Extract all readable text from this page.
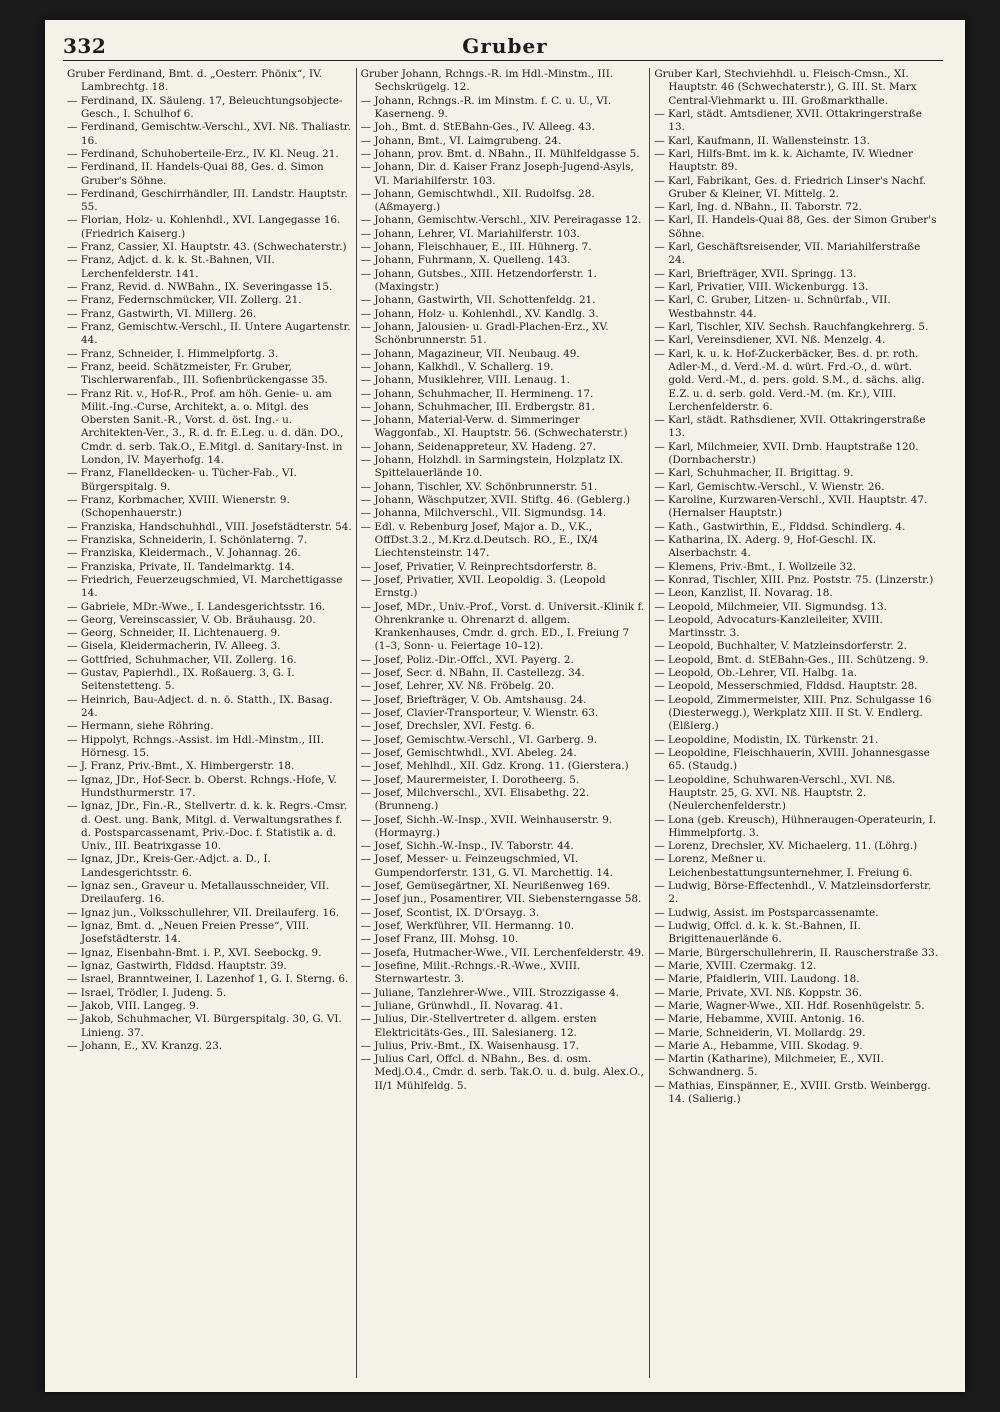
332	Gruber

Gruber Ferdinand, Bmt. d. „Oesterr. Phönix“, IV. Lambrechtg. 18.

— Ferdinand, IX. Säuleng. 17, Beleuchtungsobjecte-Gesch., I. Schulhof 6.

— Ferdinand, Gemischtw.-Verschl., XVI. Nß. Thaliastr. 16.

— Ferdinand, Schuhoberteile-Erz., IV. Kl. Neug. 21.

— Ferdinand, II. Handels-Quai 88, Ges. d. Simon Gruber's Söhne.

— Ferdinand, Geschirrhändler, III. Landstr. Hauptstr. 55.

— Florian, Holz- u. Kohlenhdl., XVI. Langegasse 16. (Friedrich Kaiserg.)

— Franz, Cassier, XI. Hauptstr. 43. (Schwechaterstr.)

— Franz, Adjct. d. k. k. St.-Bahnen, VII. Lerchenfelderstr. 141.

— Franz, Revid. d. NWBahn., IX. Severingasse 15.

— Franz, Federnschmücker, VII. Zollerg. 21.

— Franz, Gastwirth, VI. Millerg. 26.

— Franz, Gemischtw.-Verschl., II. Untere Augartenstr. 44.

— Franz, Schneider, I. Himmelpfortg. 3.

— Franz, beeid. Schätzmeister, Fr. Gruber, Tischlerwarenfab., III. Sofienbrückengasse 35.

— Franz Rit. v., Hof-R., Prof. am höh. Genie- u. am Milit.-Ing.-Curse, Architekt, a. o. Mitgl. des Obersten Sanit.-R., Vorst. d. öst. Ing.- u. Architekten-Ver., 3., R. d. fr. E.Leg. u. d. dän. DO., Cmdr. d. serb. Tak.O., E.Mitgl. d. Sanitary-Inst. in London, IV. Mayerhofg. 14.

— Franz, Flanelldecken- u. Tücher-Fab., VI. Bürgerspitalg. 9.

— Franz, Korbmacher, XVIII. Wienerstr. 9. (Schopenhauerstr.)

— Franziska, Handschuhhdl., VIII. Josefstädterstr. 54.

— Franziska, Schneiderin, I. Schönlaterng. 7.

— Franziska, Kleidermach., V. Johannag. 26.

— Franziska, Private, II. Tandelmarktg. 14.

— Friedrich, Feuerzeugschmied, VI. Marchettigasse 14.

— Gabriele, MDr.-Wwe., I. Landesgerichtsstr. 16.

— Georg, Vereinscassier, V. Ob. Bräuhausg. 20.

— Georg, Schneider, II. Lichtenauerg. 9.

— Gisela, Kleidermacherin, IV. Alleeg. 3.

— Gottfried, Schuhmacher, VII. Zollerg. 16.

— Gustav, Papierhdl., IX. Roßauerg. 3, G. I. Seitenstetteng. 5.

— Heinrich, Bau-Adject. d. n. ö. Statth., IX. Basag. 24.

— Hermann, siehe Röhring.

— Hippolyt, Rchngs.-Assist. im Hdl.-Minstm., III. Hörnesg. 15.

— J. Franz, Priv.-Bmt., X. Himbergerstr. 18.

— Ignaz, JDr., Hof-Secr. b. Oberst. Rchngs.-Hofe, V. Hundsthurmerstr. 17.

— Ignaz, JDr., Fin.-R., Stellvertr. d. k. k. Regrs.-Cmsr. d. Oest. ung. Bank, Mitgl. d. Verwaltungsrathes f. d. Postsparcassenamt, Priv.-Doc. f. Statistik a. d. Univ., III. Beatrixgasse 10.

— Ignaz, JDr., Kreis-Ger.-Adjct. a. D., I. Landesgerichtsstr. 6.

— Ignaz sen., Graveur u. Metallausschneider, VII. Dreilauferg. 16.

— Ignaz jun., Volksschullehrer, VII. Dreilauferg. 16.

— Ignaz, Bmt. d. „Neuen Freien Presse“, VIII. Josefstädterstr. 14.

— Ignaz, Eisenbahn-Bmt. i. P., XVI. Seebockg. 9.

— Ignaz, Gastwirth, Flddsd. Hauptstr. 39.

— Israel, Branntweiner, I. Lazenhof 1, G. I. Sterng. 6.

— Israel, Trödler, I. Judeng. 5.

— Jakob, VIII. Langeg. 9.

— Jakob, Schuhmacher, VI. Bürgerspitalg. 30, G. VI. Linieng. 37.

— Johann, E., XV. Kranzg. 23.

Gruber Johann, Rchngs.-R. im Hdl.-Minstm., III. Sechskrügelg. 12.

— Johann, Rchngs.-R. im Minstm. f. C. u. U., VI. Kaserneng. 9.

— Joh., Bmt. d. StEBahn-Ges., IV. Alleeg. 43.

— Johann, Bmt., VI. Laimgrubeng. 24.

— Johann, prov. Bmt. d. NBahn., II. Mühlfeldgasse 5.

— Johann, Dir. d. Kaiser Franz Joseph-Jugend-Asyls, VI. Mariahilferstr. 103.

— Johann, Gemischtwhdl., XII. Rudolfsg. 28. (Aßmayerg.)

— Johann, Gemischtw.-Verschl., XIV. Pereiragasse 12.

— Johann, Lehrer, VI. Mariahilferstr. 103.

— Johann, Fleischhauer, E., III. Hühnerg. 7.

— Johann, Fuhrmann, X. Quelleng. 143.

— Johann, Gutsbes., XIII. Hetzendorferstr. 1. (Maxingstr.)

— Johann, Gastwirth, VII. Schottenfeldg. 21.

— Johann, Holz- u. Kohlenhdl., XV. Kandlg. 3.

— Johann, Jalousien- u. Gradl-Plachen-Erz., XV. Schönbrunnerstr. 51.

— Johann, Magazineur, VII. Neubaug. 49.

— Johann, Kalkhdl., V. Schallerg. 19.

— Johann, Musiklehrer, VIII. Lenaug. 1.

— Johann, Schuhmacher, II. Hermineng. 17.

— Johann, Schuhmacher, III. Erdbergstr. 81.

— Johann, Material-Verw. d. Simmeringer Waggonfab., XI. Hauptstr. 56. (Schwechaterstr.)

— Johann, Seidenappreteur, XV. Hadeng. 27.

— Johann, Holzhdl. in Sarmingstein, Holzplatz IX. Spittelauerlände 10.

— Johann, Tischler, XV. Schönbrunnerstr. 51.

— Johann, Wäschputzer, XVII. Stiftg. 46. (Geblerg.)

— Johanna, Milchverschl., VII. Sigmundsg. 14.

— Edl. v. Rebenburg Josef, Major a. D., V.K., OffDst.3.2., M.Krz.d.Deutsch. RO., E., IX/4 Liechtensteinstr. 147.

— Josef, Privatier, V. Reinprechtsdorferstr. 8.

— Josef, Privatier, XVII. Leopoldig. 3. (Leopold Ernstg.)

— Josef, MDr., Univ.-Prof., Vorst. d. Universit.-Klinik f. Ohrenkranke u. Ohrenarzt d. allgem. Krankenhauses, Cmdr. d. grch. ED., I. Freiung 7 (1–3, Sonn- u. Feiertage 10–12).

— Josef, Poliz.-Dir.-Offcl., XVI. Payerg. 2.

— Josef, Secr. d. NBahn, II. Castellezg. 34.

— Josef, Lehrer, XV. Nß. Fröbelg. 20.

— Josef, Briefträger, V. Ob. Amtshausg. 24.

— Josef, Clavier-Transporteur, V. Wienstr. 63.

— Josef, Drechsler, XVI. Festg. 6.

— Josef, Gemischtw.-Verschl., VI. Garberg. 9.

— Josef, Gemischtwhdl., XVI. Abeleg. 24.

— Josef, Mehlhdl., XII. Gdz. Krong. 11. (Gierstera.)

— Josef, Maurermeister, I. Dorotheerg. 5.

— Josef, Milchverschl., XVI. Elisabethg. 22. (Brunneng.)

— Josef, Sichh.-W.-Insp., XVII. Weinhauserstr. 9. (Hormayrg.)

— Josef, Sichh.-W.-Insp., IV. Taborstr. 44.

— Josef, Messer- u. Feinzeugschmied, VI. Gumpendorferstr. 131, G. VI. Marchettig. 14.

— Josef, Gemüsegärtner, XI. Neurißenweg 169.

— Josef jun., Posamentirer, VII. Siebensterngasse 58.

— Josef, Scontist, IX. D'Orsayg. 3.

— Josef, Werkführer, VII. Hermanng. 10.

— Josef Franz, III. Mohsg. 10.

— Josefa, Hutmacher-Wwe., VII. Lerchenfelderstr. 49.

— Josefine, Milit.-Rchngs.-R.-Wwe., XVIII. Sternwartestr. 3.

— Juliane, Tanzlehrer-Wwe., VIII. Strozzigasse 4.

— Juliane, Grünwhdl., II. Novarag. 41.

— Julius, Dir.-Stellvertreter d. allgem. ersten Elektricitäts-Ges., III. Salesianerg. 12.

— Julius, Priv.-Bmt., IX. Waisenhausg. 17.

— Julius Carl, Offcl. d. NBahn., Bes. d. osm. Medj.O.4., Cmdr. d. serb. Tak.O. u. d. bulg. Alex.O., II/1 Mühlfeldg. 5.

Gruber Karl, Stechviehhdl. u. Fleisch-Cmsn., XI. Hauptstr. 46 (Schwechaterstr.), G. III. St. Marx Central-Viehmarkt u. III. Großmarkthalle.

— Karl, städt. Amtsdiener, XVII. Ottakringerstraße 13.

— Karl, Kaufmann, II. Wallensteinstr. 13.

— Karl, Hilfs-Bmt. im k. k. Aichamte, IV. Wiedner Hauptstr. 89.

— Karl, Fabrikant, Ges. d. Friedrich Linser's Nachf. Gruber & Kleiner, VI. Mittelg. 2.

— Karl, Ing. d. NBahn., II. Taborstr. 72.

— Karl, II. Handels-Quai 88, Ges. der Simon Gruber's Söhne.

— Karl, Geschäftsreisender, VII. Mariahilferstraße 24.

— Karl, Briefträger, XVII. Springg. 13.

— Karl, Privatier, VIII. Wickenburgg. 13.

— Karl, C. Gruber, Litzen- u. Schnürfab., VII. Westbahnstr. 44.

— Karl, Tischler, XIV. Sechsh. Rauchfangkehrerg. 5.

— Karl, Vereinsdiener, XVI. Nß. Menzelg. 4.

— Karl, k. u. k. Hof-Zuckerbäcker, Bes. d. pr. roth. Adler-M., d. Verd.-M. d. würt. Frd.-O., d. würt. gold. Verd.-M., d. pers. gold. S.M., d. sächs. alig. E.Z. u. d. serb. gold. Verd.-M. (m. Kr.), VIII. Lerchenfelderstr. 6.

— Karl, städt. Rathsdiener, XVII. Ottakringerstraße 13.

— Karl, Milchmeier, XVII. Drnb. Hauptstraße 120. (Dornbacherstr.)

— Karl, Schuhmacher, II. Brigittag. 9.

— Karl, Gemischtw.-Verschl., V. Wienstr. 26.

— Karoline, Kurzwaren-Verschl., XVII. Hauptstr. 47. (Hernalser Hauptstr.)

— Kath., Gastwirthin, E., Flddsd. Schindlerg. 4.

— Katharina, IX. Aderg. 9, Hof-Geschl. IX. Alserbachstr. 4.

— Klemens, Priv.-Bmt., I. Wollzeile 32.

— Konrad, Tischler, XIII. Pnz. Poststr. 75. (Linzerstr.)

— Leon, Kanzlist, II. Novarag. 18.

— Leopold, Milchmeier, VII. Sigmundsg. 13.

— Leopold, Advocaturs-Kanzleileiter, XVIII. Martinsstr. 3.

— Leopold, Buchhalter, V. Matzleinsdorferstr. 2.

— Leopold, Bmt. d. StEBahn-Ges., III. Schützeng. 9.

— Leopold, Ob.-Lehrer, VII. Halbg. 1a.

— Leopold, Messerschmied, Flddsd. Hauptstr. 28.

— Leopold, Zimmermeister, XIII. Pnz. Schulgasse 16 (Diesterwegg.), Werkplatz XIII. II St. V. Endlerg. (Elßlerg.)

— Leopoldine, Modistin, IX. Türkenstr. 21.

— Leopoldine, Fleischhauerin, XVIII. Johannesgasse 65. (Staudg.)

— Leopoldine, Schuhwaren-Verschl., XVI. Nß. Hauptstr. 25, G. XVI. Nß. Hauptstr. 2. (Neulerchenfelderstr.)

— Lona (geb. Kreusch), Hühneraugen-Operateurin, I. Himmelpfortg. 3.

— Lorenz, Drechsler, XV. Michaelerg. 11. (Löhrg.)

— Lorenz, Meßner u. Leichenbestattungsunternehmer, I. Freiung 6.

— Ludwig, Börse-Effectenhdl., V. Matzleinsdorferstr. 2.

— Ludwig, Assist. im Postsparcassenamte.

— Ludwig, Offcl. d. k. k. St.-Bahnen, II. Brigittenauerlände 6.

— Marie, Bürgerschullehrerin, II. Rauscherstraße 33.

— Marie, XVIII. Czermakg. 12.

— Marie, Pfaidlerin, VIII. Laudong. 18.

— Marie, Private, XVI. Nß. Koppstr. 36.

— Marie, Wagner-Wwe., XII. Hdf. Rosenhügelstr. 5.

— Marie, Hebamme, XVIII. Antonig. 16.

— Marie, Schneiderin, VI. Mollardg. 29.

— Marie A., Hebamme, VIII. Skodag. 9.

— Martin (Katharine), Milchmeier, E., XVII. Schwandnerg. 5.

— Mathias, Einspänner, E., XVIII. Grstb. Weinbergg. 14. (Salierig.)
